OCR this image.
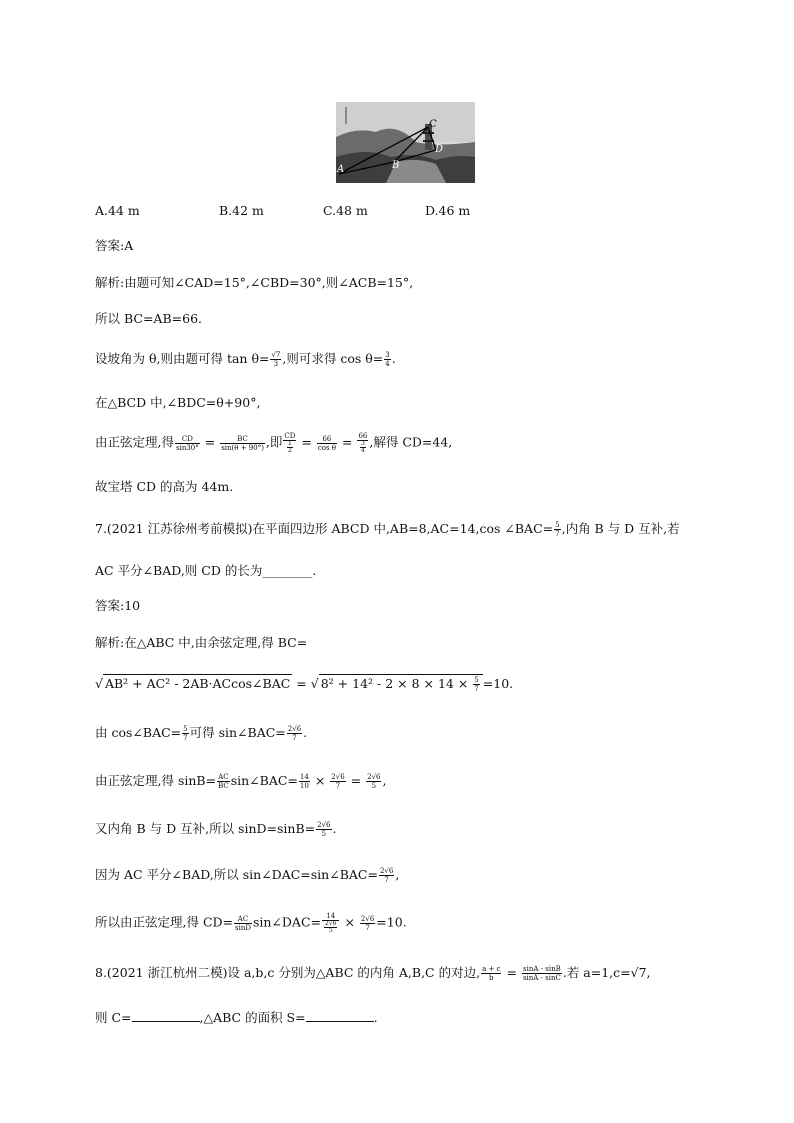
A	B
C
D
A.44 m	B.42 m	C.48 m	D.46 m
答案:A
解析:由题可知∠CAD=15°,∠CBD=30°,则∠ACB=15°,
所以 BC=AB=66.
设坡角为 θ,则由题可得 $\tan \theta= \frac{√7}{3}$ ,则可求得 $\cos \theta= \frac{3}{4}$ .
在△BCD 中,∠BDC=θ+90°,
由正弦定理,得 $\frac{CD}{\sin 30^\circ} = \frac{BC}{\sin(\theta + 90^\circ)}$ ,即 $\frac{CD}{\frac{1}{2}} = \frac{66}{\text{cos θ}} = \frac{66}{\frac{3}{4}}$ ,解得 CD=44,
故宝塔 CD 的高为 44m.
7.(2021 江苏徐州考前模拟)在平面四边形 ABCD 中,AB=8,AC=14,cos ∠BAC= $\frac{5}{7}$ ,内角 B 与 D 互补,若
AC 平分∠BAD,则 CD 的长为________.
答案:10
解析:在△ABC 中,由余弦定理,得 BC=
√ AB² + AC² - 2AB·ACcos∠BAC = √ $8^2 + 14^2 - 2 \times 8 \times 14 \times \frac{5}{7} =10$.
由 cos∠BAC= $\frac{5}{7}$ 可得 sin∠BAC= $\frac{2√6}{7}$ .
由正弦定理,得 $\sin B= \frac{AC}{BC}$ sin∠BAC= $\frac{14}{10} \times \frac{2√6}{7} = \frac{2√6}{5}$ ,
又内角 B 与 D 互补,所以 $\sin D=\sin B= \frac{2√6}{5}$ .
因为 AC 平分∠BAD,所以 sin∠DAC=sin∠BAC= $\frac{2√6}{7}$ ,
所以由正弦定理,得 $CD= \frac{AC}{\sin D}$ sin∠DAC= $\frac{14}{\frac{2√6}{5}} \times \frac{2√6}{7} =10$.
8.(2021 浙江杭州二模)设 a,b,c 分别为△ABC 的内角 A,B,C 的对边, $\frac{a + c}{b} = \frac{\sin A - \sin B}{\sin A - \sin C}$ .若 a=1,c=√7,
则 C=	,△ABC 的面积 S=	.
